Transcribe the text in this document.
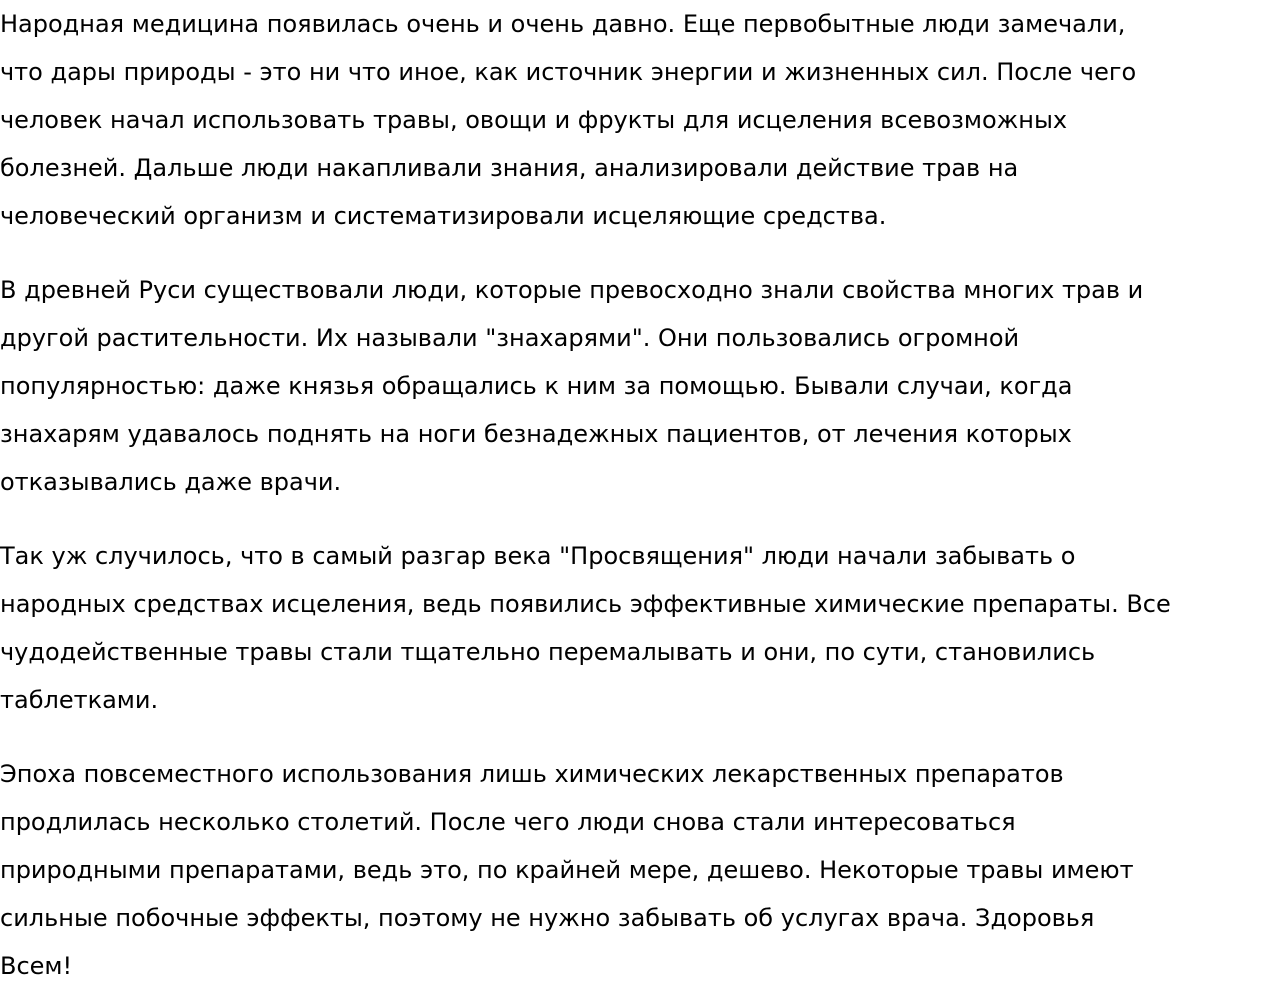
Народная медицина появилась очень и очень давно. Еще первобытные люди замечали,
что дары природы - это ни что иное, как источник энергии и жизненных сил. После чего
человек начал использовать травы, овощи и фрукты для исцеления всевозможных
болезней. Дальше люди накапливали знания, анализировали действие трав на
человеческий организм и систематизировали исцеляющие средства.

В древней Руси существовали люди, которые превосходно знали свойства многих трав и
другой растительности. Их называли "знахарями". Они пользовались огромной
популярностью: даже князья обращались к ним за помощью. Бывали случаи, когда
знахарям удавалось поднять на ноги безнадежных пациентов, от лечения которых
отказывались даже врачи.

Так уж случилось, что в самый разгар века "Просвящения" люди начали забывать о
народных средствах исцеления, ведь появились эффективные химические препараты. Все
чудодейственные травы стали тщательно перемалывать и они, по сути, становились
таблетками.

Эпоха повсеместного использования лишь химических лекарственных препаратов
продлилась несколько столетий. После чего люди снова стали интересоваться
природными препаратами, ведь это, по крайней мере, дешево. Некоторые травы имеют
сильные побочные эффекты, поэтому не нужно забывать об услугах врача. Здоровья
Всем!
